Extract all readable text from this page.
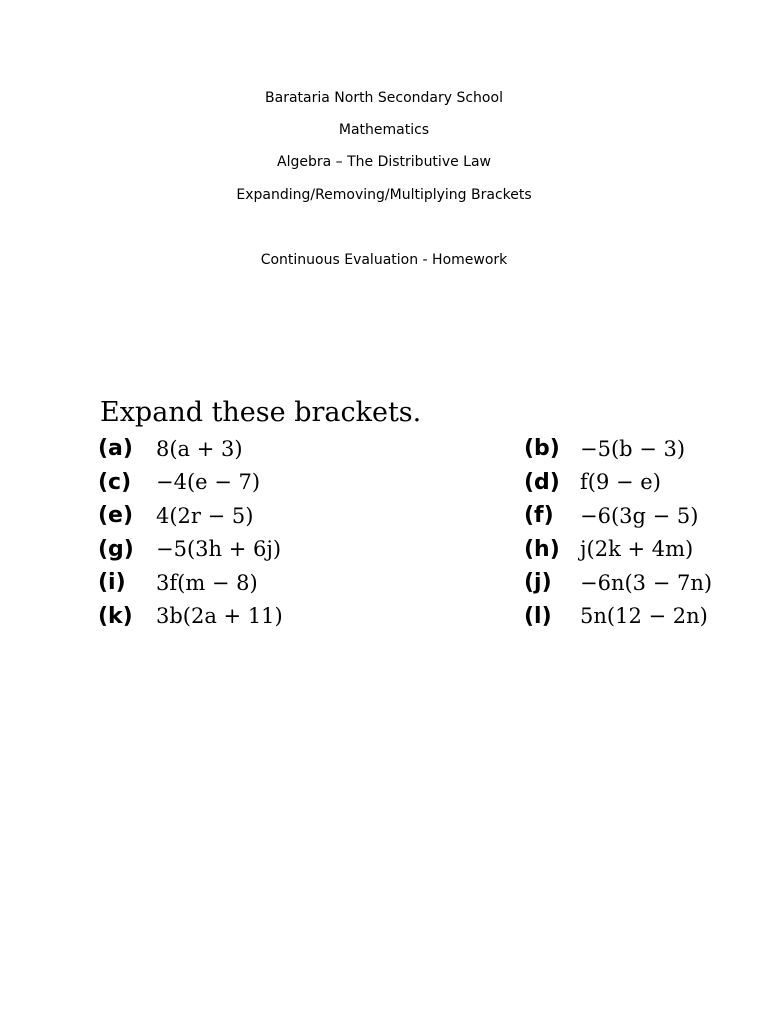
Barataria North Secondary School
Mathematics
Algebra – The Distributive Law
Expanding/Removing/Multiplying Brackets
Continuous Evaluation - Homework
Expand these brackets.
(a)	8(a + 3)	(b) −5(b − 3)
(c)	−4(e − 7)	(d) f(9 − e)
(e)	4(2r − 5)	(f)	−6(3g − 5)
(g)	−5(3h + 6j)	(h) j(2k + 4m)
(i)	3f(m − 8)	(j)	−6n(3 − 7n)
(k)	3b(2a + 11)	(l)	5n(12 − 2n)
